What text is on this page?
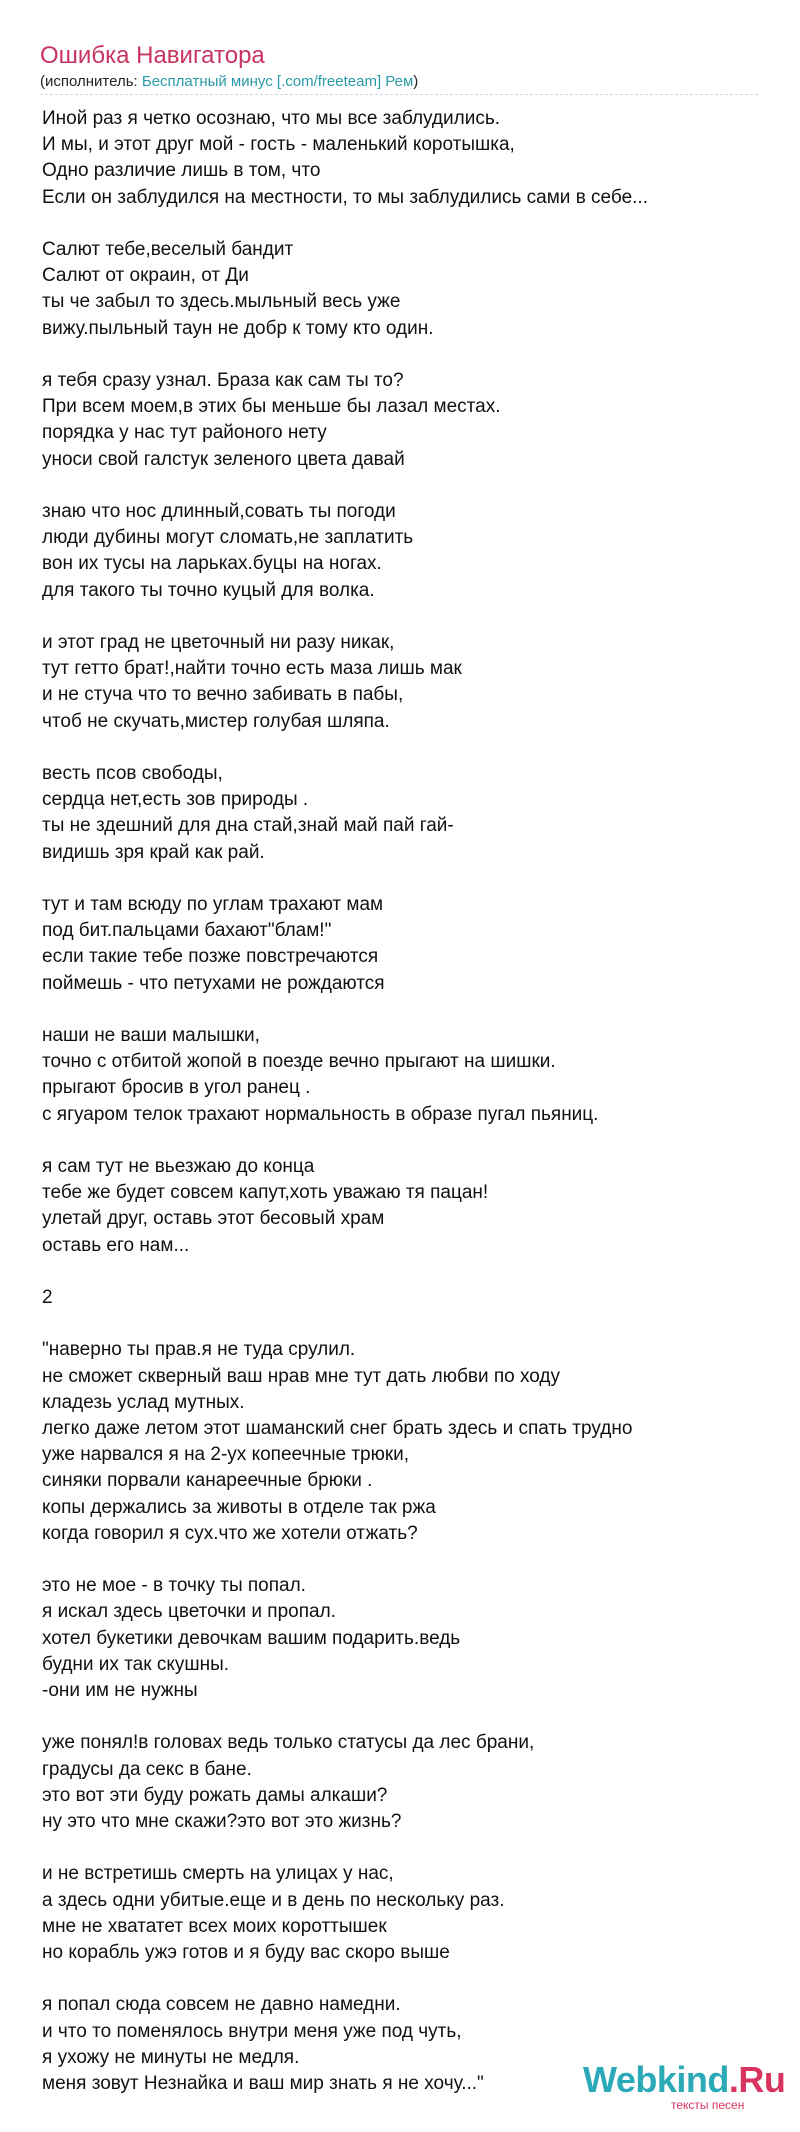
Ошибка Навигатора
(исполнитель: Бесплатный минус [.com/freeteam] Рем)
Иной раз я четко осознаю, что мы все заблудились.
И мы, и этот друг мой - гость - маленький коротышка,
Одно различие лишь в том, что
Если он заблудился на местности, то мы заблудились сами в себе...
Салют тебе,веселый бандит
Салют от окраин, от Ди
ты че забыл то здесь.мыльный весь уже
вижу.пыльный таун не добр к тому кто один.
я тебя сразу узнал. Браза как сам ты то?
При всем моем,в этих бы меньше бы лазал местах.
порядка у нас тут районого нету
уноси свой галстук зеленого цвета давай
знаю что нос длинный,совать ты погоди
люди дубины могут сломать,не заплатить
вон их тусы на ларьках.буцы на ногах.
для такого ты точно куцый для волка.
и этот град не цветочный ни разу никак,
тут гетто брат!,найти точно есть маза лишь мак
и не стуча что то вечно забивать в пабы,
чтоб не скучать,мистер голубая шляпа.
весть псов свободы,
сердца нет,есть зов природы .
ты не здешний для дна стай,знай май пай гай-
видишь зря край как рай.
тут и там всюду по углам трахают мам
под бит.пальцами бахают"блам!"
если такие тебе позже повстречаются
поймешь - что петухами не рождаются
наши не ваши малышки,
точно с отбитой жопой в поезде вечно прыгают на шишки.
прыгают бросив в угол ранец .
с ягуаром телок трахают нормальность в образе пугал пьяниц.
я сам тут не вьезжаю до конца
тебе же будет совсем капут,хоть уважаю тя пацан!
улетай друг, оставь этот бесовый храм
оставь его нам...
2
"наверно ты прав.я не туда срулил.
не сможет скверный ваш нрав мне тут дать любви по ходу
кладезь услад мутных.
легко даже летом этот шаманский снег брать здесь и спать трудно
уже нарвался я на 2-ух копеечные трюки,
синяки порвали канареечные брюки .
копы держались за животы в отделе так ржа
когда говорил я сух.что же хотели отжать?
это не мое - в точку ты попал.
я искал здесь цветочки и пропал.
хотел букетики девочкам вашим подарить.ведь
будни их так скушны.
-они им не нужны
уже понял!в головах ведь только статусы да лес брани,
градусы да секс в бане.
это вот эти буду рожать дамы алкаши?
ну это что мне скажи?это вот это жизнь?
и не встретишь смерть на улицах у нас,
а здесь одни убитые.еще и в день по нескольку раз.
мне не хвататет всех моих короттышек
но корабль ужэ готов и я буду вас скоро выше
я попал сюда совсем не давно намедни.
и что то поменялось внутри меня уже под чуть,
я ухожу не минуты не медля.
меня зовут Незнайка и ваш мир знать я не хочу..."	Webkind.Ru
тексты песен
